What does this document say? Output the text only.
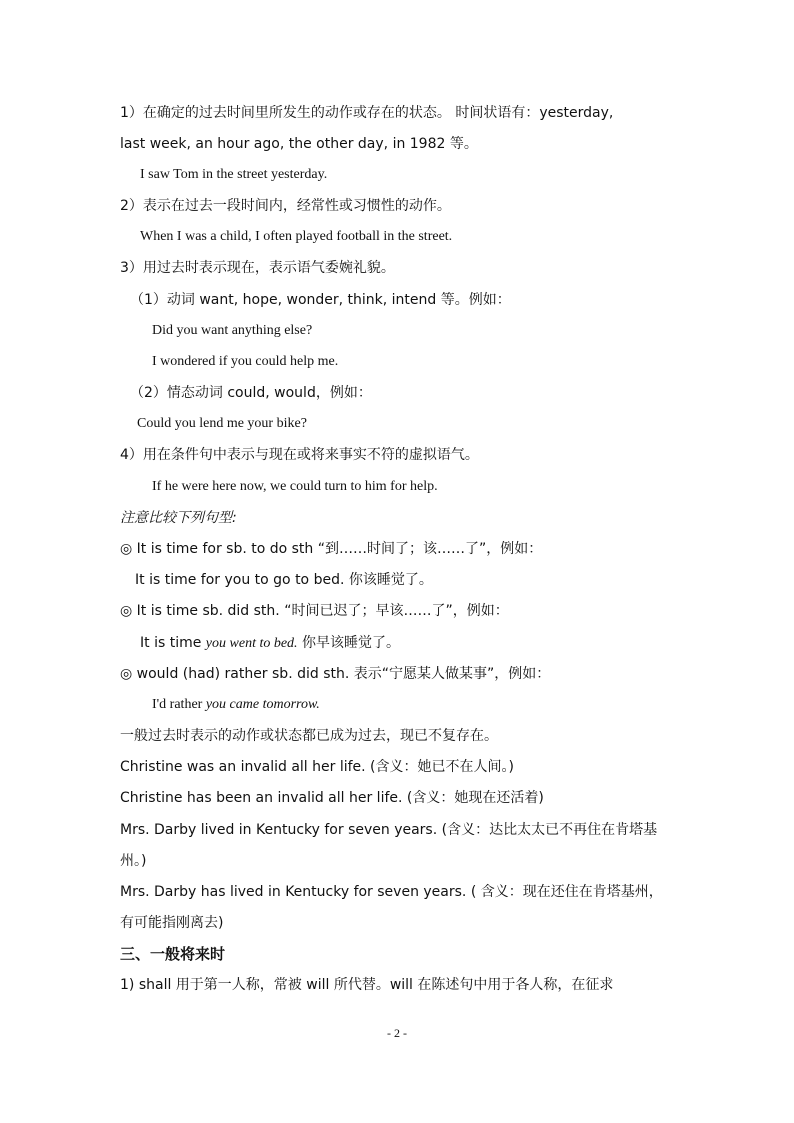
1）在确定的过去时间里所发生的动作或存在的状态。 时间状语有：yesterday,
last week, an hour ago, the other day, in 1982 等。
I saw Tom in the street yesterday.
2）表示在过去一段时间内，经常性或习惯性的动作。
When I was a child, I often played football in the street.
3）用过去时表示现在，表示语气委婉礼貌。
（1）动词 want, hope, wonder, think, intend 等。例如：
Did you want anything else?
I wondered if you could help me.
（2）情态动词 could, would，例如：
Could you lend me your bike?
4）用在条件句中表示与现在或将来事实不符的虚拟语气。
If he were here now, we could turn to him for help.
注意比较下列句型:
◎ It is time for sb. to do sth “到……时间了；该……了”，例如：
It is time for you to go to bed. 你该睡觉了。
◎ It is time sb. did sth. “时间已迟了；早该……了”，例如：
It is time you went to bed. 你早该睡觉了。
◎ would (had) rather sb. did sth. 表示“宁愿某人做某事”，例如：
I'd rather you came tomorrow.
一般过去时表示的动作或状态都已成为过去，现已不复存在。
Christine was an invalid all her life. (含义：她已不在人间。)
Christine has been an invalid all her life. (含义：她现在还活着)
Mrs. Darby lived in Kentucky for seven years. (含义：达比太太已不再住在肯塔基
州。)
Mrs. Darby has lived in Kentucky for seven years. ( 含义：现在还住在肯塔基州，
有可能指刚离去)
三、一般将来时
1) shall 用于第一人称，常被 will 所代替。will 在陈述句中用于各人称，在征求
- 2 -
